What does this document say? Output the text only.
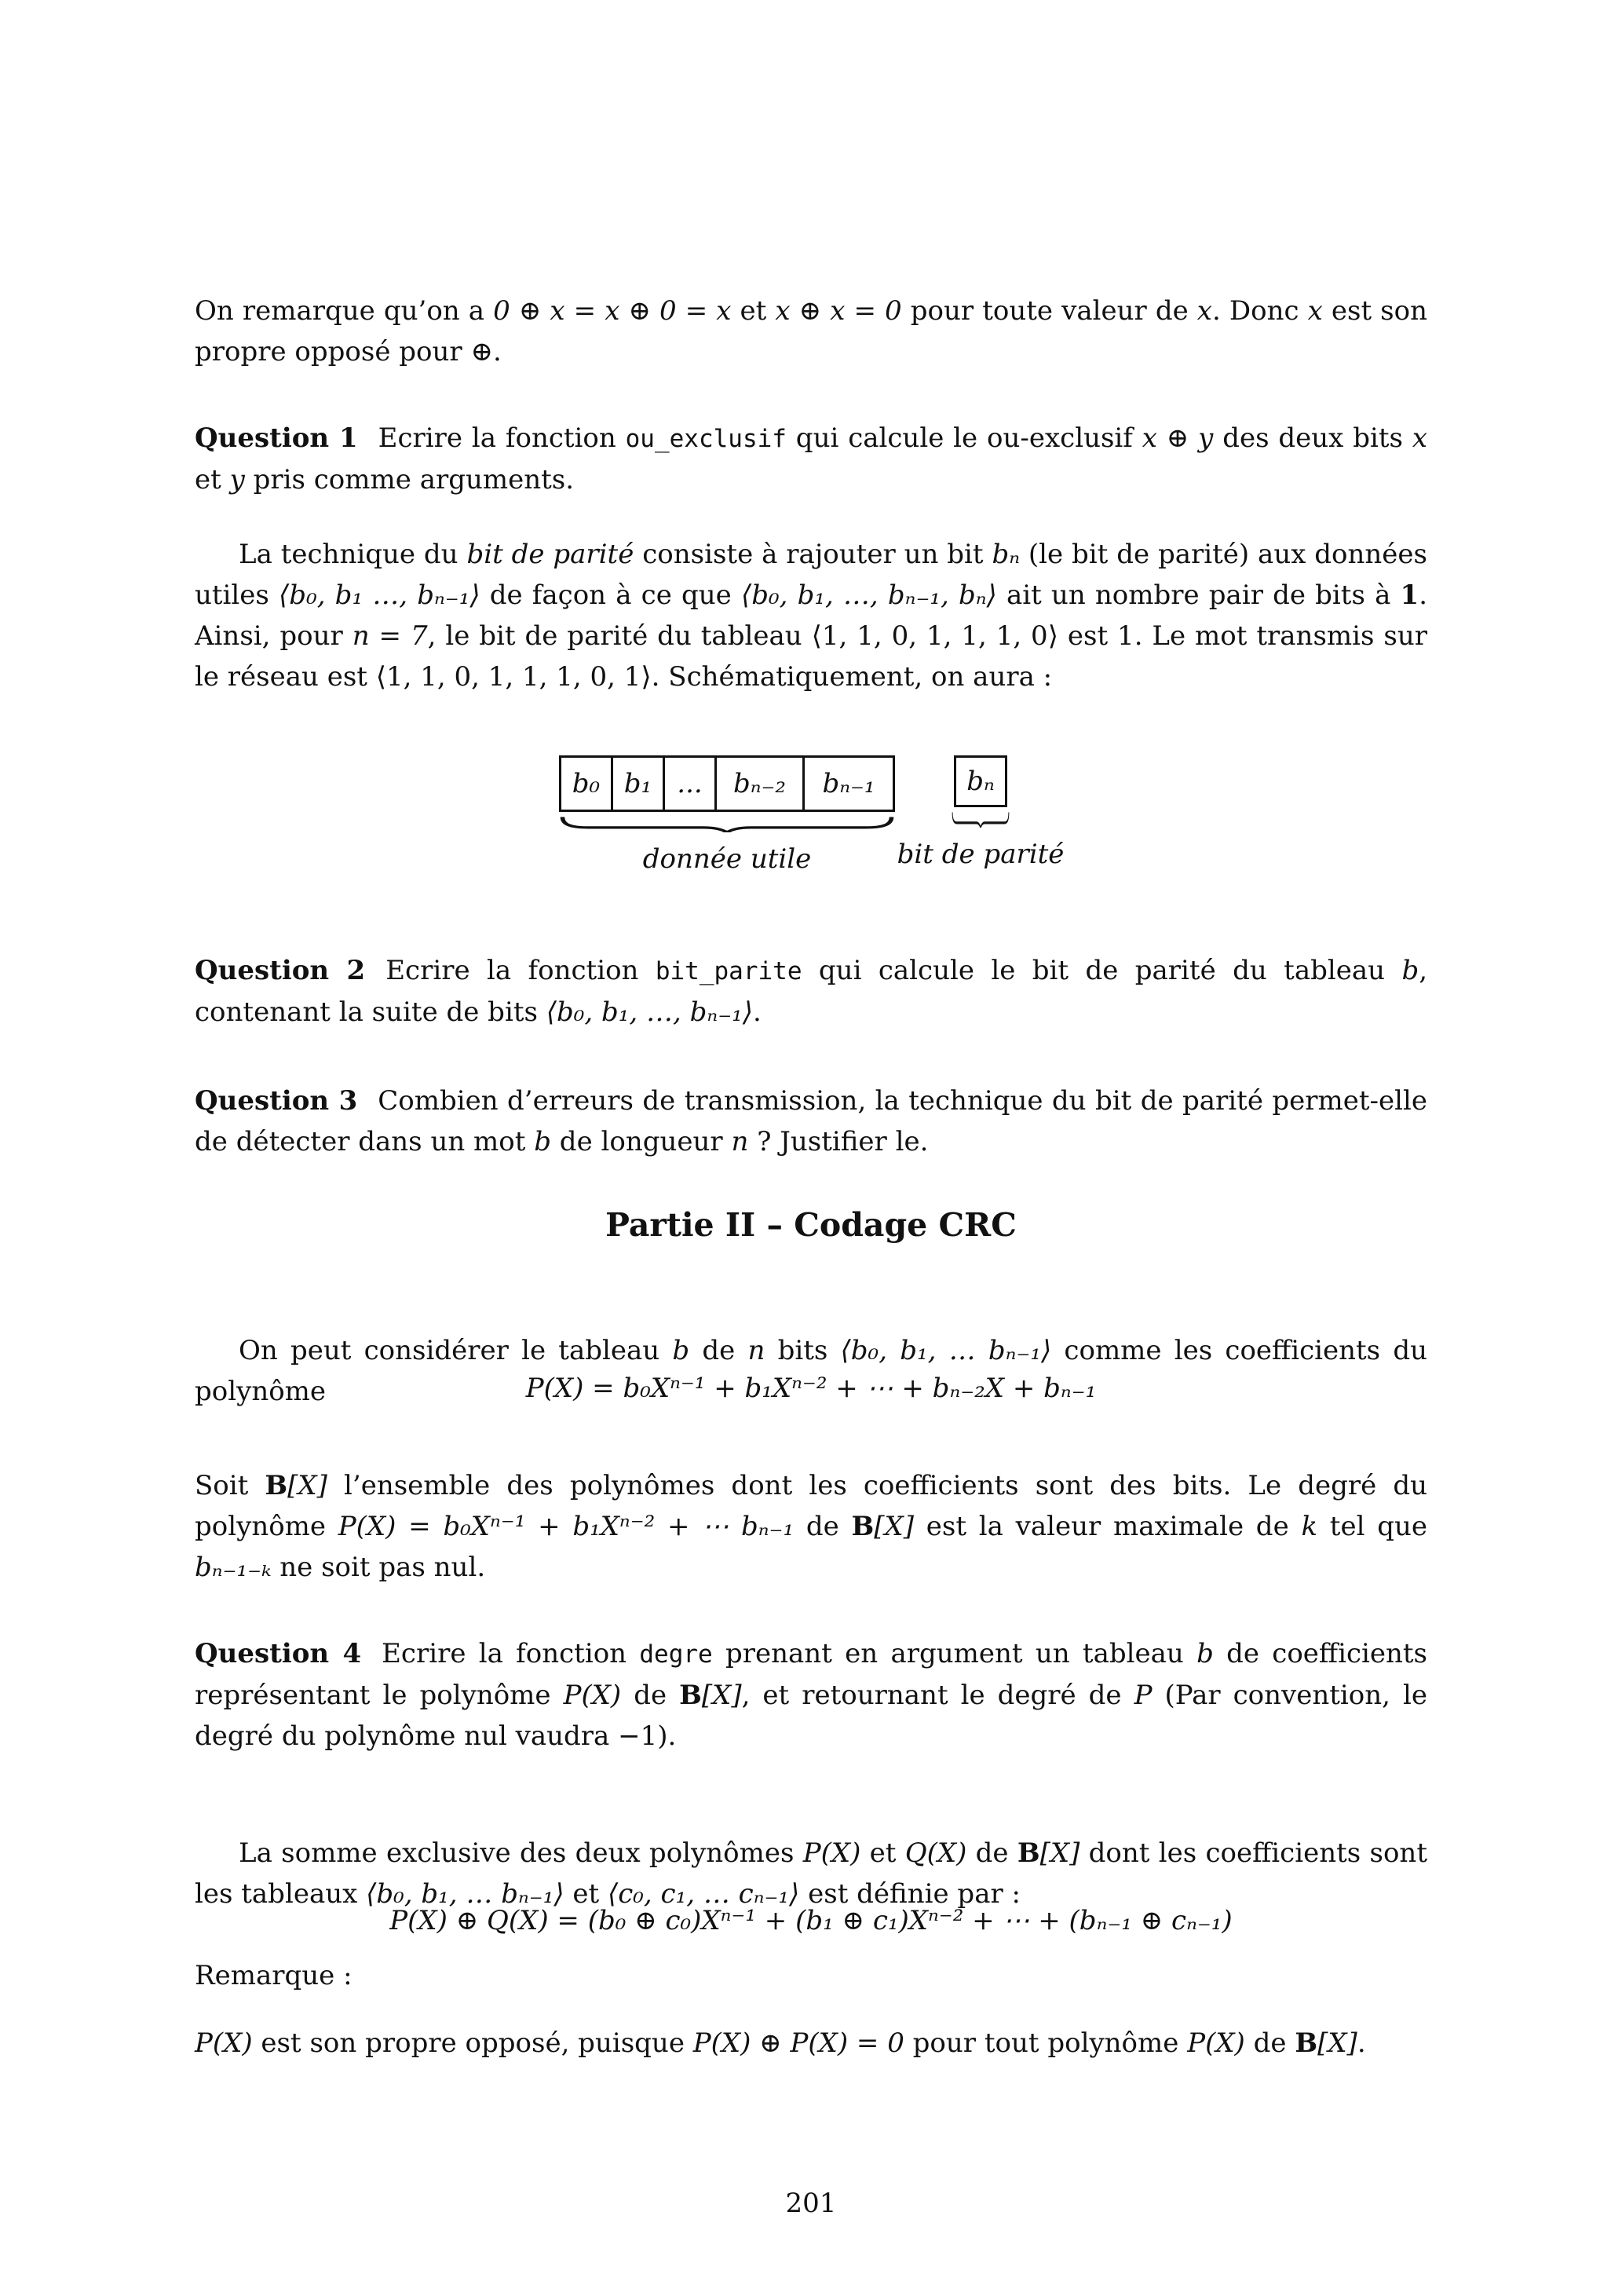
On remarque qu’on a 0 ⊕ x = x ⊕ 0 = x et x ⊕ x = 0 pour toute valeur de x. Donc x est son propre opposé pour ⊕.

Question 1 Ecrire la fonction ou_exclusif qui calcule le ou-exclusif x ⊕ y des deux bits x et y pris comme arguments.

La technique du bit de parité consiste à rajouter un bit bₙ (le bit de parité) aux données utiles ⟨b₀, b₁ …, bₙ₋₁⟩ de façon à ce que ⟨b₀, b₁, …, bₙ₋₁, bₙ⟩ ait un nombre pair de bits à 1. Ainsi, pour n = 7, le bit de parité du tableau ⟨1, 1, 0, 1, 1, 1, 0⟩ est 1. Le mot transmis sur le réseau est ⟨1, 1, 0, 1, 1, 1, 0, 1⟩. Schématiquement, on aura :

b₀ b₁ ...	bₙ₋₂	bₙ₋₁
donnée utile
bₙ
bit de parité

Question 2 Ecrire la fonction bit_parite qui calcule le bit de parité du tableau b, contenant la suite de bits ⟨b₀, b₁, …, bₙ₋₁⟩.

Question 3 Combien d’erreurs de transmission, la technique du bit de parité permet-elle de détecter dans un mot b de longueur n ? Justifier le.

Partie II – Codage CRC

On peut considérer le tableau b de n bits ⟨b₀, b₁, … bₙ₋₁⟩ comme les coefficients du polynôme	P(X) = b₀Xⁿ⁻¹ + b₁Xⁿ⁻² + ⋯ + bₙ₋₂X + bₙ₋₁

Soit B[X] l’ensemble des polynômes dont les coefficients sont des bits. Le degré du polynôme P(X) = b₀Xⁿ⁻¹ + b₁Xⁿ⁻² + ⋯ bₙ₋₁ de B[X] est la valeur maximale de k tel que bₙ₋₁₋ₖ ne soit pas nul.

Question 4 Ecrire la fonction degre prenant en argument un tableau b de coefficients représentant le polynôme P(X) de B[X], et retournant le degré de P (Par convention, le degré du polynôme nul vaudra −1).

La somme exclusive des deux polynômes P(X) et Q(X) de B[X] dont les coefficients sont les tableaux ⟨b₀, b₁, … bₙ₋₁⟩ et ⟨c₀, c₁, … cₙ₋₁⟩ est définie par :

P(X) ⊕ Q(X) = (b₀ ⊕ c₀)Xⁿ⁻¹ + (b₁ ⊕ c₁)Xⁿ⁻² + ⋯ + (bₙ₋₁ ⊕ cₙ₋₁)
Remarque :

P(X) est son propre opposé, puisque P(X) ⊕ P(X) = 0 pour tout polynôme P(X) de B[X].

201
